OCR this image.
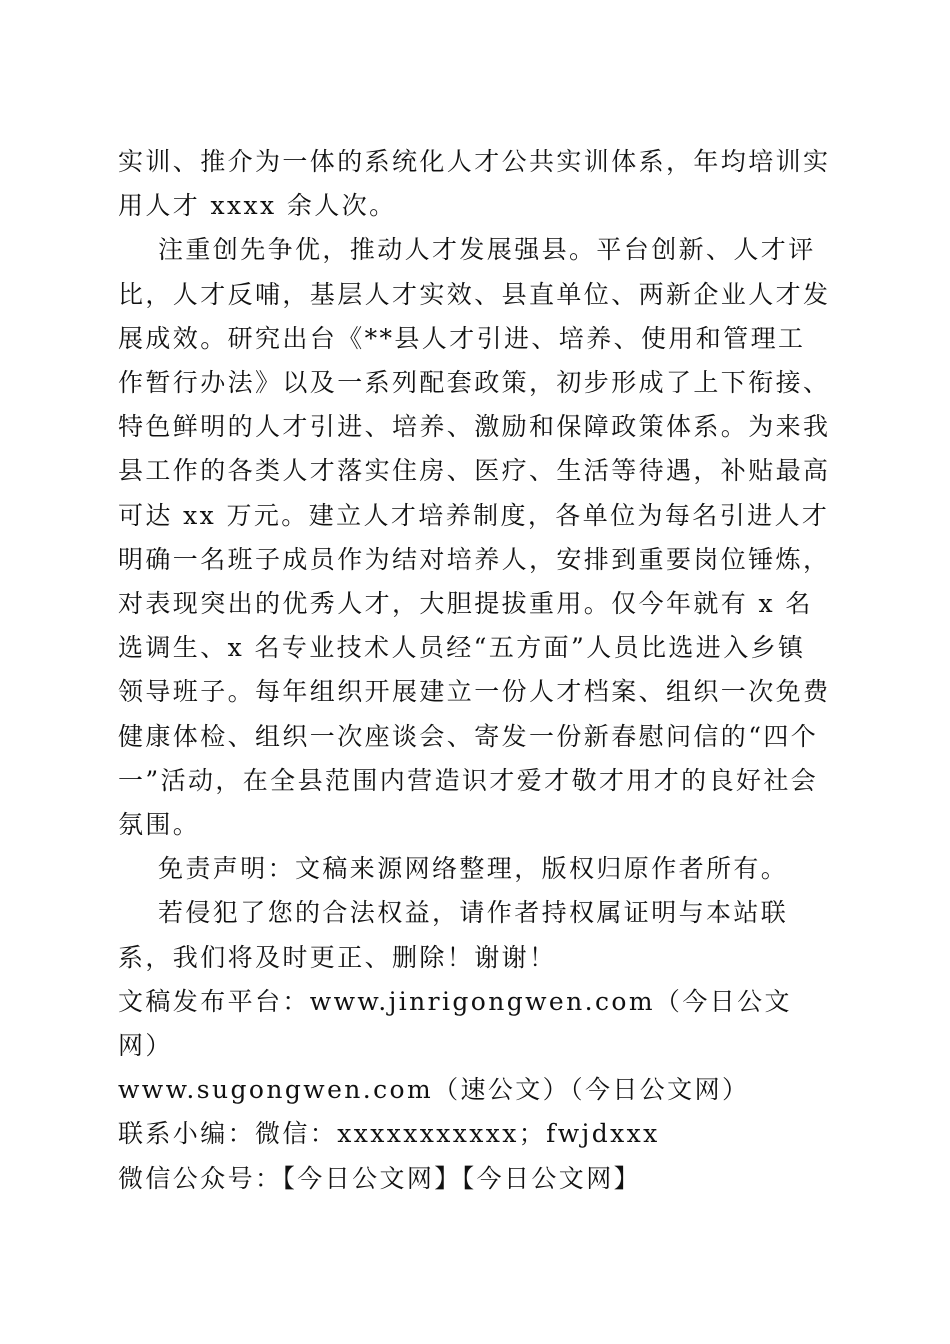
实训、推介为一体的系统化人才公共实训体系，年均培训实用人才 xxxx 余人次。

注重创先争优，推动人才发展强县。平台创新、人才评比，人才反哺，基层人才实效、县直单位、两新企业人才发展成效。研究出台《**县人才引进、培养、使用和管理工作暂行办法》以及一系列配套政策，初步形成了上下衔接、特色鲜明的人才引进、培养、激励和保障政策体系。为来我县工作的各类人才落实住房、医疗、生活等待遇，补贴最高可达 xx 万元。建立人才培养制度，各单位为每名引进人才明确一名班子成员作为结对培养人，安排到重要岗位锤炼，对表现突出的优秀人才，大胆提拔重用。仅今年就有 x 名选调生、x 名专业技术人员经“五方面”人员比选进入乡镇领导班子。每年组织开展建立一份人才档案、组织一次免费健康体检、组织一次座谈会、寄发一份新春慰问信的“四个一”活动，在全县范围内营造识才爱才敬才用才的良好社会氛围。

免责声明：文稿来源网络整理，版权归原作者所有。

若侵犯了您的合法权益，请作者持权属证明与本站联系，我们将及时更正、删除！谢谢！

文稿发布平台：www.jinrigongwen.com（今日公文网）

www.sugongwen.com（速公文）（今日公文网）

联系小编：微信：xxxxxxxxxxx；fwjdxxx

微信公众号：【今日公文网】【今日公文网】
